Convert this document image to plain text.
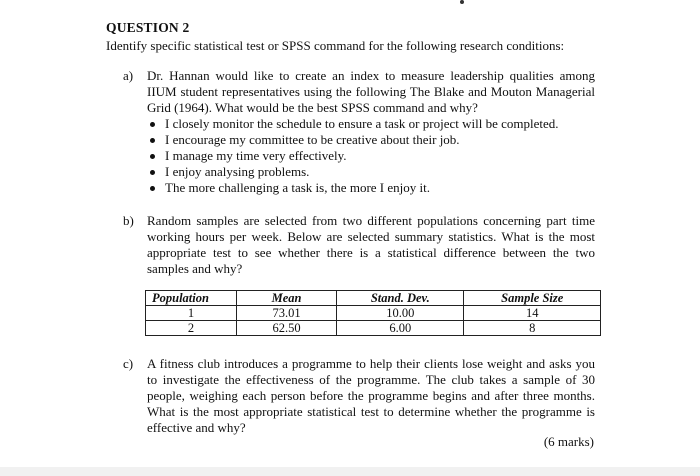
QUESTION 2
Identify specific statistical test or SPSS command for the following research conditions:
a) Dr. Hannan would like to create an index to measure leadership qualities among IIUM student representatives using the following The Blake and Mouton Managerial Grid (1964). What would be the best SPSS command and why?
I closely monitor the schedule to ensure a task or project will be completed.
I encourage my committee to be creative about their job.
I manage my time very effectively.
I enjoy analysing problems.
The more challenging a task is, the more I enjoy it.
b) Random samples are selected from two different populations concerning part time working hours per week. Below are selected summary statistics. What is the most appropriate test to see whether there is a statistical difference between the two samples and why?
Population	Mean	Stand. Dev.	Sample Size
1	73.01	10.00	14
2	62.50	6.00	8
c) A fitness club introduces a programme to help their clients lose weight and asks you to investigate the effectiveness of the programme. The club takes a sample of 30 people, weighing each person before the programme begins and after three months. What is the most appropriate statistical test to determine whether the programme is effective and why?
(6 marks)
